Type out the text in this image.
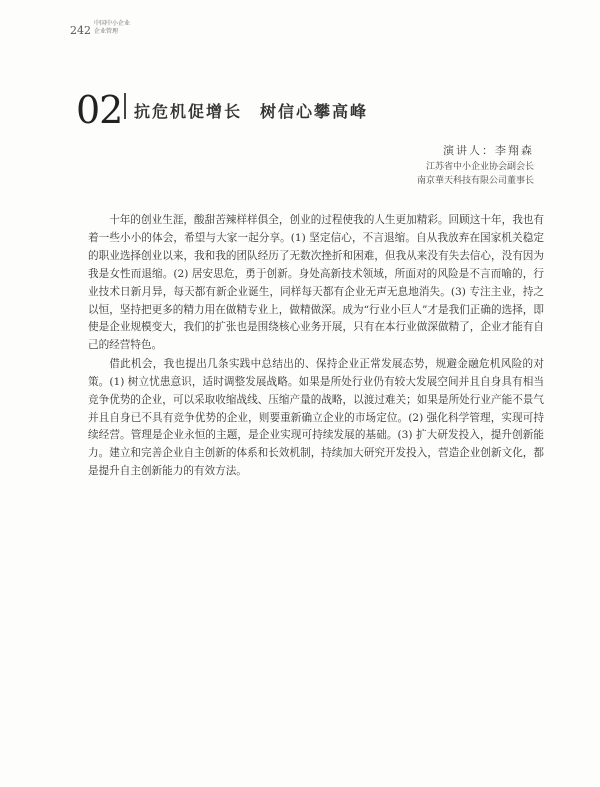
242
中国中小企业
企业管理
02 抗危机促增长　树信心攀高峰
演讲人：李翔森
江苏省中小企业协会副会长
南京華天科技有限公司董事长

十年的创业生涯，酸甜苦辣样样俱全，创业的过程使我的人生更加精彩。回顾这十年，我也有着一些小小的体会，希望与大家一起分享。(1) 坚定信心，不言退缩。自从我放弃在国家机关稳定的职业选择创业以来，我和我的团队经历了无数次挫折和困难，但我从来没有失去信心，没有因为我是女性而退缩。(2) 居安思危，勇于创新。身处高新技术领域，所面对的风险是不言而喻的，行业技术日新月异，每天都有新企业诞生，同样每天都有企业无声无息地消失。(3) 专注主业，持之以恒，坚持把更多的精力用在做精专业上，做精做深。成为“行业小巨人”才是我们正确的选择，即使是企业规模变大，我们的扩张也是围绕核心业务开展，只有在本行业做深做精了，企业才能有自己的经营特色。

借此机会，我也提出几条实践中总结出的、保持企业正常发展态势，规避金融危机风险的对策。(1) 树立忧患意识，适时调整发展战略。如果是所处行业仍有较大发展空间并且自身具有相当竞争优势的企业，可以采取收缩战线、压缩产量的战略，以渡过难关；如果是所处行业产能不景气并且自身已不具有竞争优势的企业，则要重新确立企业的市场定位。(2) 强化科学管理，实现可持续经营。管理是企业永恒的主题，是企业实现可持续发展的基础。(3) 扩大研发投入，提升创新能力。建立和完善企业自主创新的体系和长效机制，持续加大研究开发投入，营造企业创新文化，都是提升自主创新能力的有效方法。
